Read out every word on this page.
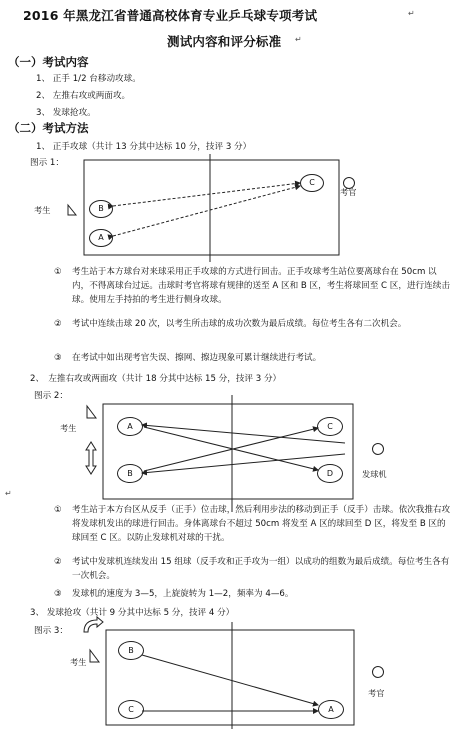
2016 年黑龙江省普通高校体育专业乒乓球专项考试	↵
测试内容和评分标准 ↵
（一）考试内容
1、 正手 1/2 台移动攻球。
2、 左推右攻或两面攻。
3、 发球抢攻。
（二）考试方法
1、 正手攻球（共计 13 分其中达标 10 分，技评 3 分）
图示 1：
B
A
C
考生
考官
① 考生站于本方球台对来球采用正手攻球的方式进行回击。正手攻球考生站位要离球台在 50cm 以内，不得离球台过远。击球时考官将球有规律的送至 A 区和 B 区，考生将球回至 C 区，进行连续击球。使用左手持拍的考生进行侧身攻球。
② 考试中连续击球 20 次，以考生所击球的成功次数为最后成绩。每位考生各有二次机会。
③ 在考试中如出现考官失误、擦网、擦边现象可累计继续进行考试。
2、　左推右攻或两面攻（共计 18 分其中达标 15 分，技评 3 分）
图示 2：
A
B
C
D
考生
发球机
↵
① 考生站于本方台区从反手（正手）位击球，然后利用步法的移动到正手（反手）击球。依次我推右攻将发球机发出的球进行回击。身体离球台不超过 50cm 将发至 A 区的球回至 D 区，将发至 B 区的球回至 C 区。以防止发球机对球的干扰。
② 考试中发球机连续发出 15 组球（反手攻和正手攻为一组）以成功的组数为最后成绩。每位考生各有一次机会。
③ 发球机的速度为 3—5，上旋旋转为 1—2，频率为 4—6。
3、 发球抢攻（共计 9 分其中达标 5 分，技评 4 分）
图示 3：
B
C	A
考生
考官
